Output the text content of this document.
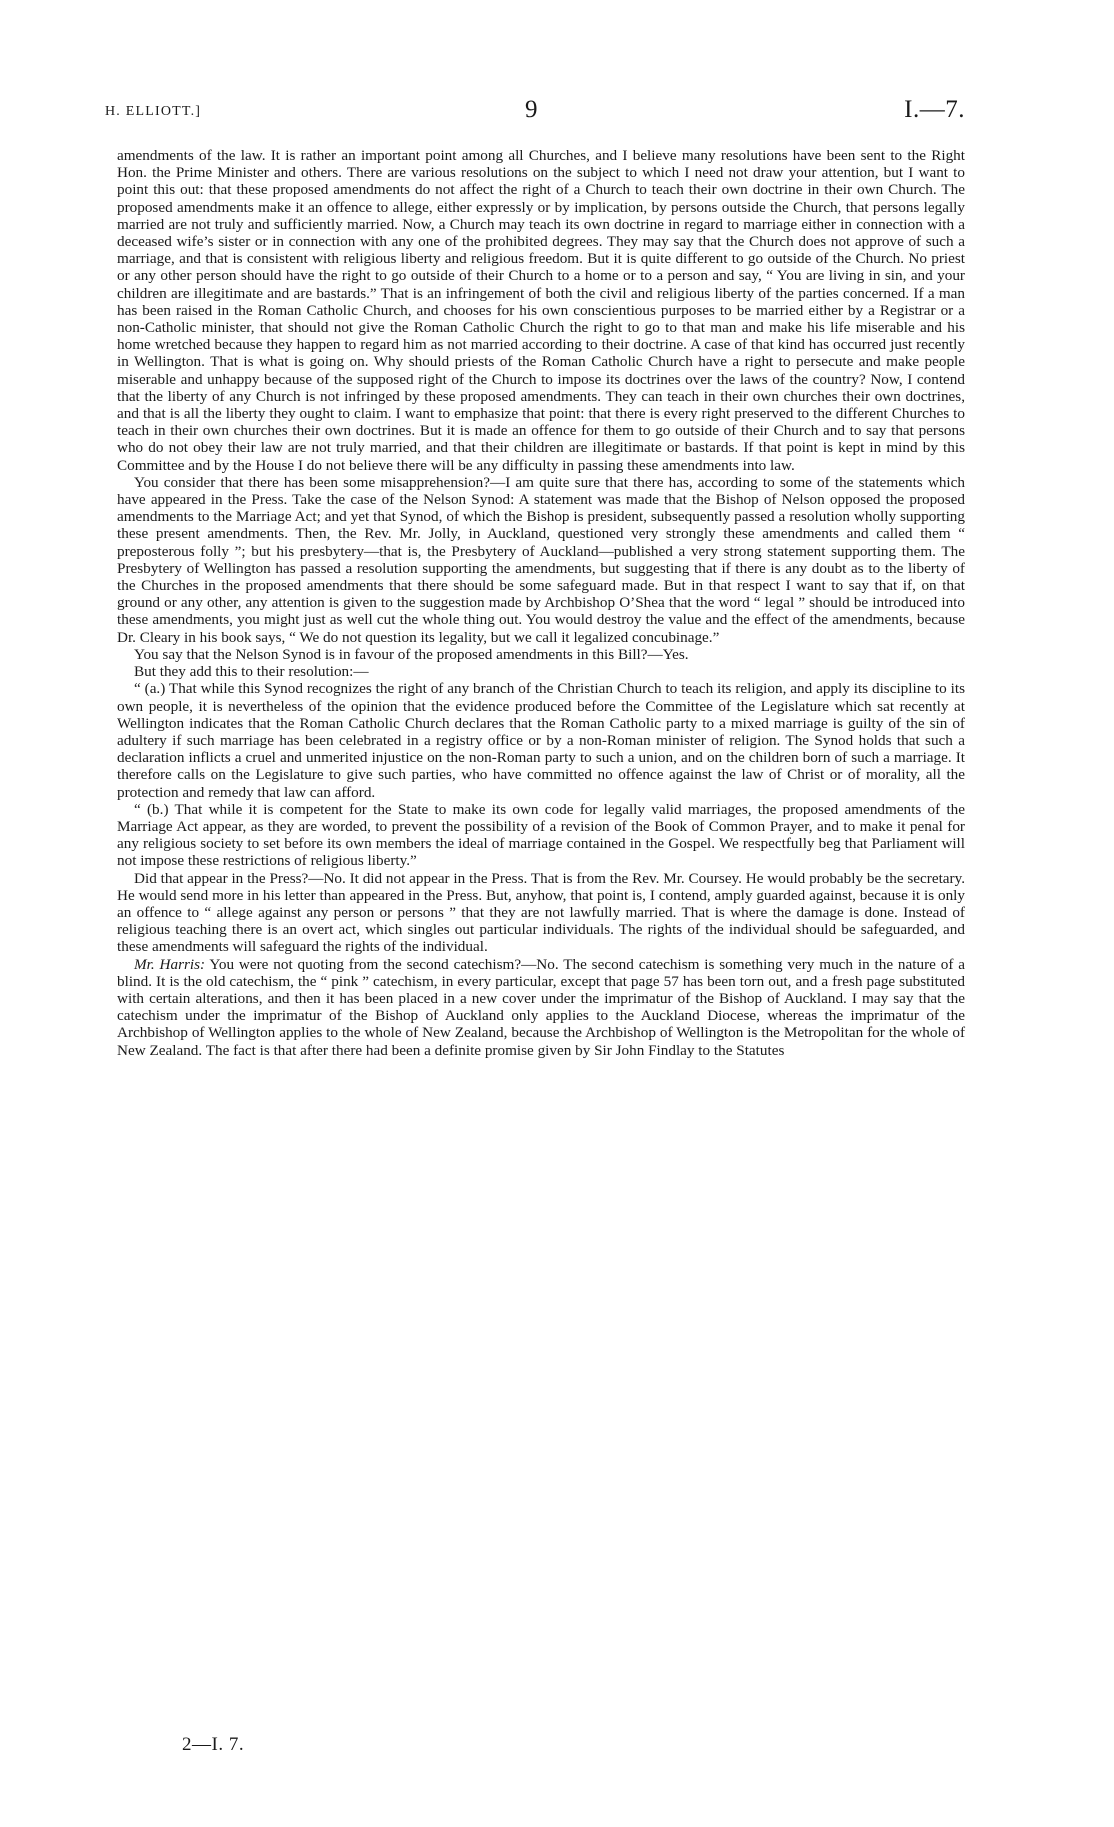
H. ELLIOTT.]	9	I.—7.

amendments of the law. It is rather an important point among all Churches, and I believe many resolutions have been sent to the Right Hon. the Prime Minister and others. There are various resolutions on the subject to which I need not draw your attention, but I want to point this out: that these proposed amendments do not affect the right of a Church to teach their own doctrine in their own Church. The proposed amendments make it an offence to allege, either expressly or by implication, by persons outside the Church, that persons legally married are not truly and sufficiently married. Now, a Church may teach its own doctrine in regard to marriage either in connection with a deceased wife’s sister or in connection with any one of the prohibited degrees. They may say that the Church does not approve of such a marriage, and that is consistent with religious liberty and religious freedom. But it is quite different to go outside of the Church. No priest or any other person should have the right to go outside of their Church to a home or to a person and say, “ You are living in sin, and your children are illegitimate and are bastards.” That is an infringement of both the civil and religious liberty of the parties concerned. If a man has been raised in the Roman Catholic Church, and chooses for his own conscientious purposes to be married either by a Registrar or a non-Catholic minister, that should not give the Roman Catholic Church the right to go to that man and make his life miserable and his home wretched because they happen to regard him as not married according to their doctrine. A case of that kind has occurred just recently in Wellington. That is what is going on. Why should priests of the Roman Catholic Church have a right to persecute and make people miserable and unhappy because of the supposed right of the Church to impose its doctrines over the laws of the country? Now, I contend that the liberty of any Church is not infringed by these proposed amendments. They can teach in their own churches their own doctrines, and that is all the liberty they ought to claim. I want to emphasize that point: that there is every right preserved to the different Churches to teach in their own churches their own doctrines. But it is made an offence for them to go outside of their Church and to say that persons who do not obey their law are not truly married, and that their children are illegitimate or bastards. If that point is kept in mind by this Committee and by the House I do not believe there will be any difficulty in passing these amendments into law.

You consider that there has been some misapprehension?—I am quite sure that there has, according to some of the statements which have appeared in the Press. Take the case of the Nelson Synod: A statement was made that the Bishop of Nelson opposed the proposed amendments to the Marriage Act; and yet that Synod, of which the Bishop is president, subsequently passed a resolution wholly supporting these present amendments. Then, the Rev. Mr. Jolly, in Auckland, questioned very strongly these amendments and called them “ preposterous folly ”; but his presbytery—that is, the Presbytery of Auckland—published a very strong statement supporting them. The Presbytery of Wellington has passed a resolution supporting the amendments, but suggesting that if there is any doubt as to the liberty of the Churches in the proposed amendments that there should be some safeguard made. But in that respect I want to say that if, on that ground or any other, any attention is given to the suggestion made by Archbishop O’Shea that the word “ legal ” should be introduced into these amendments, you might just as well cut the whole thing out. You would destroy the value and the effect of the amendments, because Dr. Cleary in his book says, “ We do not question its legality, but we call it legalized concubinage.”

You say that the Nelson Synod is in favour of the proposed amendments in this Bill?—Yes.

But they add this to their resolution:—

“ (a.) That while this Synod recognizes the right of any branch of the Christian Church to teach its religion, and apply its discipline to its own people, it is nevertheless of the opinion that the evidence produced before the Committee of the Legislature which sat recently at Wellington indicates that the Roman Catholic Church declares that the Roman Catholic party to a mixed marriage is guilty of the sin of adultery if such marriage has been celebrated in a registry office or by a non-Roman minister of religion. The Synod holds that such a declaration inflicts a cruel and unmerited injustice on the non-Roman party to such a union, and on the children born of such a marriage. It therefore calls on the Legislature to give such parties, who have committed no offence against the law of Christ or of morality, all the protection and remedy that law can afford.

“ (b.) That while it is competent for the State to make its own code for legally valid marriages, the proposed amendments of the Marriage Act appear, as they are worded, to prevent the possibility of a revision of the Book of Common Prayer, and to make it penal for any religious society to set before its own members the ideal of marriage contained in the Gospel. We respectfully beg that Parliament will not impose these restrictions of religious liberty.”

Did that appear in the Press?—No. It did not appear in the Press. That is from the Rev. Mr. Coursey. He would probably be the secretary. He would send more in his letter than appeared in the Press. But, anyhow, that point is, I contend, amply guarded against, because it is only an offence to “ allege against any person or persons ” that they are not lawfully married. That is where the damage is done. Instead of religious teaching there is an overt act, which singles out particular individuals. The rights of the individual should be safeguarded, and these amendments will safeguard the rights of the individual.

Mr. Harris: You were not quoting from the second catechism?—No. The second catechism is something very much in the nature of a blind. It is the old catechism, the “ pink ” catechism, in every particular, except that page 57 has been torn out, and a fresh page substituted with certain alterations, and then it has been placed in a new cover under the imprimatur of the Bishop of Auckland. I may say that the catechism under the imprimatur of the Bishop of Auckland only applies to the Auckland Diocese, whereas the imprimatur of the Archbishop of Wellington applies to the whole of New Zealand, because the Archbishop of Wellington is the Metropolitan for the whole of New Zealand. The fact is that after there had been a definite promise given by Sir John Findlay to the Statutes

2—I. 7.
